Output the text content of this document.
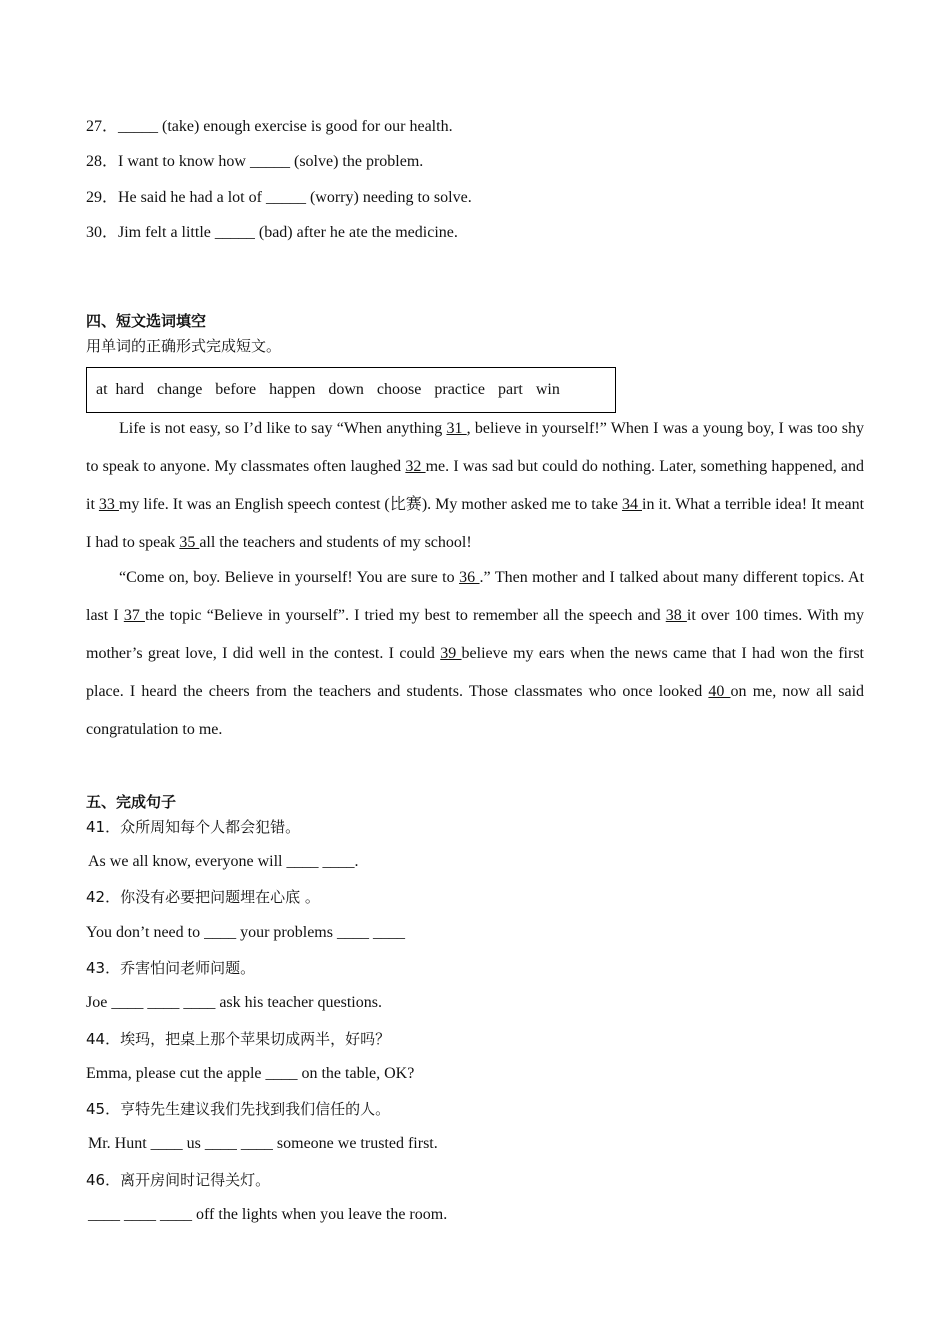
27．_____ (take) enough exercise is good for our health.
28．I want to know how _____ (solve) the problem.
29．He said he had a lot of _____ (worry) needing to solve.
30．Jim felt a little _____ (bad) after he ate the medicine.
四、短文选词填空
用单词的正确形式完成短文。
at hard change before happen down choose practice part win
Life is not easy, so I’d like to say “When anything 31 , believe in yourself!” When I was a young boy, I was too shy to speak to anyone. My classmates often laughed 32 me. I was sad but could do nothing. Later, something happened, and it 33 my life. It was an English speech contest (比赛). My mother asked me to take 34 in it. What a terrible idea! It meant I had to speak 35 all the teachers and students of my school!
“Come on, boy. Believe in yourself! You are sure to 36 .” Then mother and I talked about many different topics. At last I 37 the topic “Believe in yourself”. I tried my best to remember all the speech and 38 it over 100 times. With my mother’s great love, I did well in the contest. I could 39 believe my ears when the news came that I had won the first place. I heard the cheers from the teachers and students. Those classmates who once looked 40 on me, now all said congratulation to me.
五、完成句子
41．众所周知每个人都会犯错。
As we all know, everyone will ____ ____.
42．你没有必要把问题埋在心底 。
You don’t need to ____ your problems ____ ____
43．乔害怕问老师问题。
Joe ____ ____ ____ ask his teacher questions.
44．埃玛，把桌上那个苹果切成两半，好吗？
Emma, please cut the apple ____ on the table, OK?
45．亨特先生建议我们先找到我们信任的人。
Mr. Hunt ____ us ____ ____ someone we trusted first.
46．离开房间时记得关灯。
____ ____ ____ off the lights when you leave the room.
